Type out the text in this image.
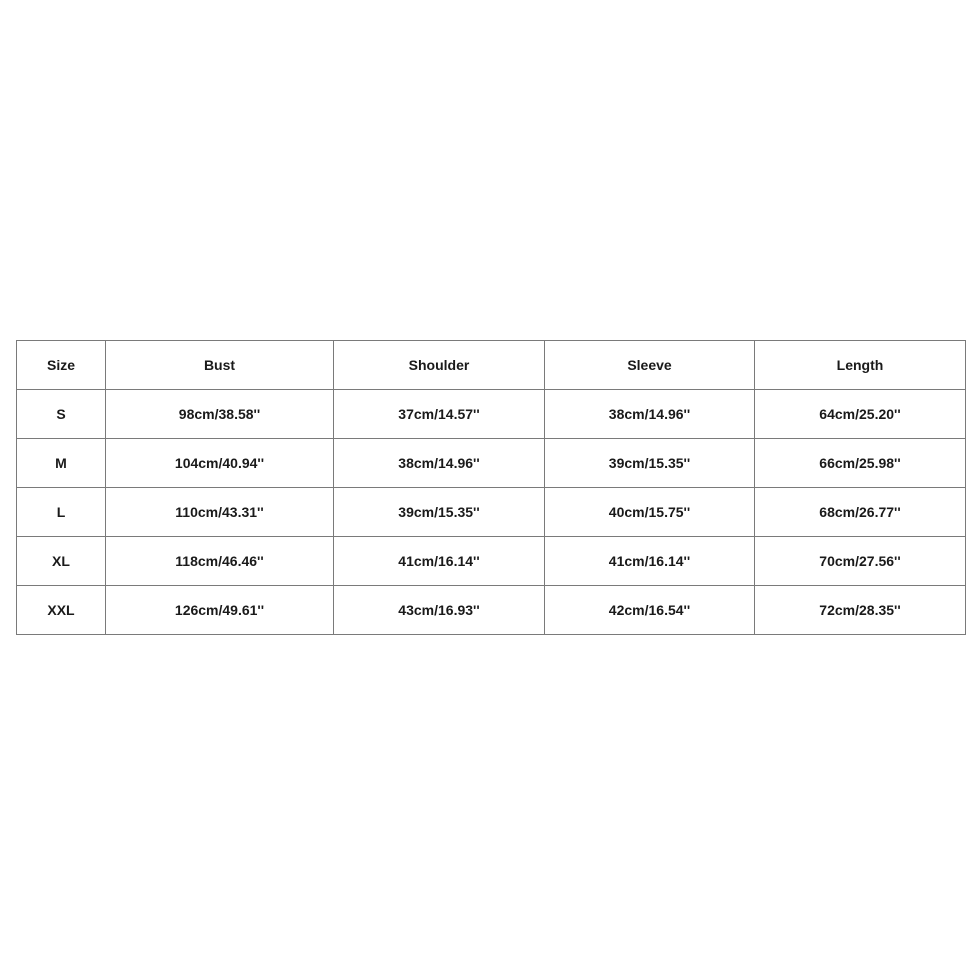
Size	Bust	Shoulder	Sleeve	Length
S	98cm/38.58''	37cm/14.57''	38cm/14.96''	64cm/25.20''
M	104cm/40.94''	38cm/14.96''	39cm/15.35''	66cm/25.98''
L	110cm/43.31''	39cm/15.35''	40cm/15.75''	68cm/26.77''
XL	118cm/46.46''	41cm/16.14''	41cm/16.14''	70cm/27.56''
XXL	126cm/49.61''	43cm/16.93''	42cm/16.54''	72cm/28.35''
